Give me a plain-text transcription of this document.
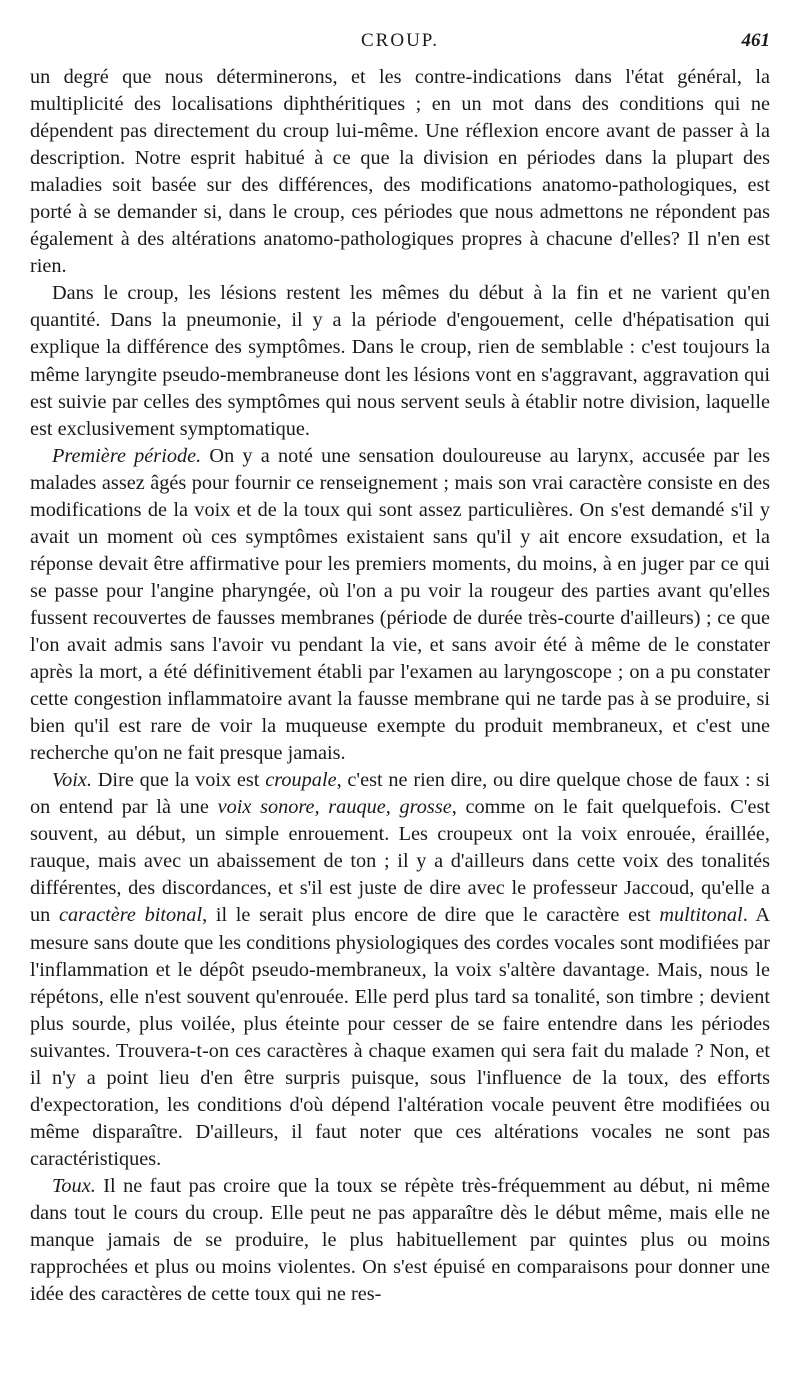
CROUP.	461

un degré que nous déterminerons, et les contre-indications dans l'état général, la multiplicité des localisations diphthéritiques ; en un mot dans des conditions qui ne dépendent pas directement du croup lui-même. Une réflexion encore avant de passer à la description. Notre esprit habitué à ce que la division en périodes dans la plupart des maladies soit basée sur des différences, des modifications anatomo-pathologiques, est porté à se demander si, dans le croup, ces périodes que nous admettons ne répondent pas également à des altérations anatomo-pathologiques propres à chacune d'elles? Il n'en est rien.

Dans le croup, les lésions restent les mêmes du début à la fin et ne varient qu'en quantité. Dans la pneumonie, il y a la période d'engouement, celle d'hépatisation qui explique la différence des symptômes. Dans le croup, rien de semblable : c'est toujours la même laryngite pseudo-membraneuse dont les lésions vont en s'aggravant, aggravation qui est suivie par celles des symptômes qui nous servent seuls à établir notre division, laquelle est exclusivement symptomatique.

Première période. On y a noté une sensation douloureuse au larynx, accusée par les malades assez âgés pour fournir ce renseignement ; mais son vrai caractère consiste en des modifications de la voix et de la toux qui sont assez particulières. On s'est demandé s'il y avait un moment où ces symptômes existaient sans qu'il y ait encore exsudation, et la réponse devait être affirmative pour les premiers moments, du moins, à en juger par ce qui se passe pour l'angine pharyngée, où l'on a pu voir la rougeur des parties avant qu'elles fussent recouvertes de fausses membranes (période de durée très-courte d'ailleurs) ; ce que l'on avait admis sans l'avoir vu pendant la vie, et sans avoir été à même de le constater après la mort, a été définitivement établi par l'examen au laryngoscope ; on a pu constater cette congestion inflammatoire avant la fausse membrane qui ne tarde pas à se produire, si bien qu'il est rare de voir la muqueuse exempte du produit membraneux, et c'est une recherche qu'on ne fait presque jamais.

Voix. Dire que la voix est croupale, c'est ne rien dire, ou dire quelque chose de faux : si on entend par là une voix sonore, rauque, grosse, comme on le fait quelquefois. C'est souvent, au début, un simple enrouement. Les croupeux ont la voix enrouée, éraillée, rauque, mais avec un abaissement de ton ; il y a d'ailleurs dans cette voix des tonalités différentes, des discordances, et s'il est juste de dire avec le professeur Jaccoud, qu'elle a un caractère bitonal, il le serait plus encore de dire que le caractère est multitonal. A mesure sans doute que les conditions physiologiques des cordes vocales sont modifiées par l'inflammation et le dépôt pseudo-membraneux, la voix s'altère davantage. Mais, nous le répétons, elle n'est souvent qu'enrouée. Elle perd plus tard sa tonalité, son timbre ; devient plus sourde, plus voilée, plus éteinte pour cesser de se faire entendre dans les périodes suivantes. Trouvera-t-on ces caractères à chaque examen qui sera fait du malade ? Non, et il n'y a point lieu d'en être surpris puisque, sous l'influence de la toux, des efforts d'expectoration, les conditions d'où dépend l'altération vocale peuvent être modifiées ou même disparaître. D'ailleurs, il faut noter que ces altérations vocales ne sont pas caractéristiques.

Toux. Il ne faut pas croire que la toux se répète très-fréquemment au début, ni même dans tout le cours du croup. Elle peut ne pas apparaître dès le début même, mais elle ne manque jamais de se produire, le plus habituellement par quintes plus ou moins rapprochées et plus ou moins violentes. On s'est épuisé en comparaisons pour donner une idée des caractères de cette toux qui ne res-
